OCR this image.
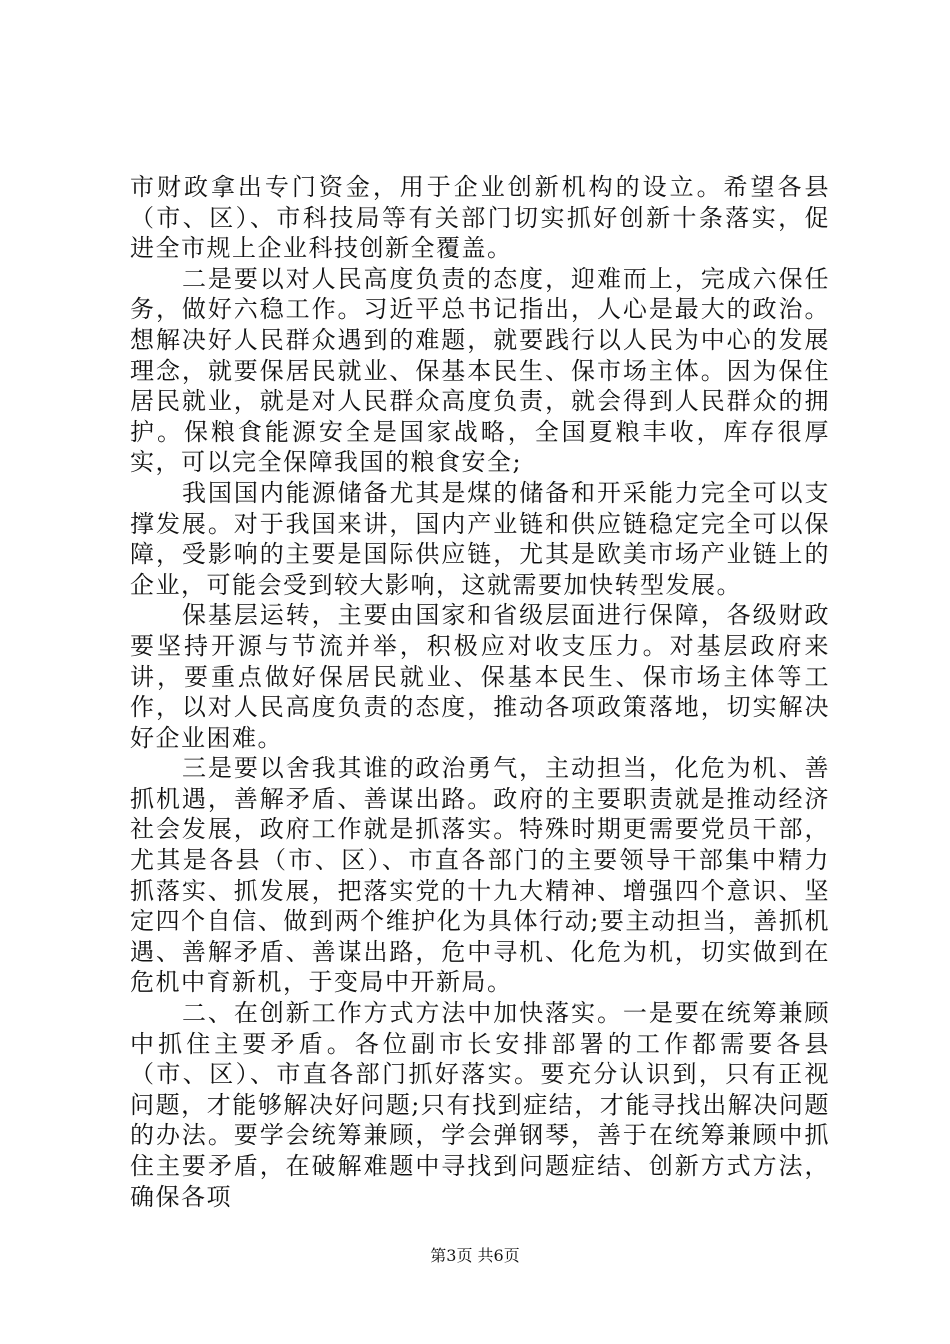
市财政拿出专门资金，用于企业创新机构的设立。希望各县（市、区）、市科技局等有关部门切实抓好创新十条落实，促进全市规上企业科技创新全覆盖。

二是要以对人民高度负责的态度，迎难而上，完成六保任务，做好六稳工作。习近平总书记指出，人心是最大的政治。想解决好人民群众遇到的难题，就要践行以人民为中心的发展理念，就要保居民就业、保基本民生、保市场主体。因为保住居民就业，就是对人民群众高度负责，就会得到人民群众的拥护。保粮食能源安全是国家战略，全国夏粮丰收，库存很厚实，可以完全保障我国的粮食安全;

我国国内能源储备尤其是煤的储备和开采能力完全可以支撑发展。对于我国来讲，国内产业链和供应链稳定完全可以保障，受影响的主要是国际供应链，尤其是欧美市场产业链上的企业，可能会受到较大影响，这就需要加快转型发展。

保基层运转，主要由国家和省级层面进行保障，各级财政要坚持开源与节流并举，积极应对收支压力。对基层政府来讲，要重点做好保居民就业、保基本民生、保市场主体等工作，以对人民高度负责的态度，推动各项政策落地，切实解决好企业困难。

三是要以舍我其谁的政治勇气，主动担当，化危为机、善抓机遇，善解矛盾、善谋出路。政府的主要职责就是推动经济社会发展，政府工作就是抓落实。特殊时期更需要党员干部，尤其是各县（市、区）、市直各部门的主要领导干部集中精力抓落实、抓发展，把落实党的十九大精神、增强四个意识、坚定四个自信、做到两个维护化为具体行动;要主动担当，善抓机遇、善解矛盾、善谋出路，危中寻机、化危为机，切实做到在危机中育新机，于变局中开新局。

二、在创新工作方式方法中加快落实。一是要在统筹兼顾中抓住主要矛盾。各位副市长安排部署的工作都需要各县（市、区）、市直各部门抓好落实。要充分认识到，只有正视问题，才能够解决好问题;只有找到症结，才能寻找出解决问题的办法。要学会统筹兼顾，学会弹钢琴，善于在统筹兼顾中抓住主要矛盾，在破解难题中寻找到问题症结、创新方式方法，确保各项

第3页 共6页
